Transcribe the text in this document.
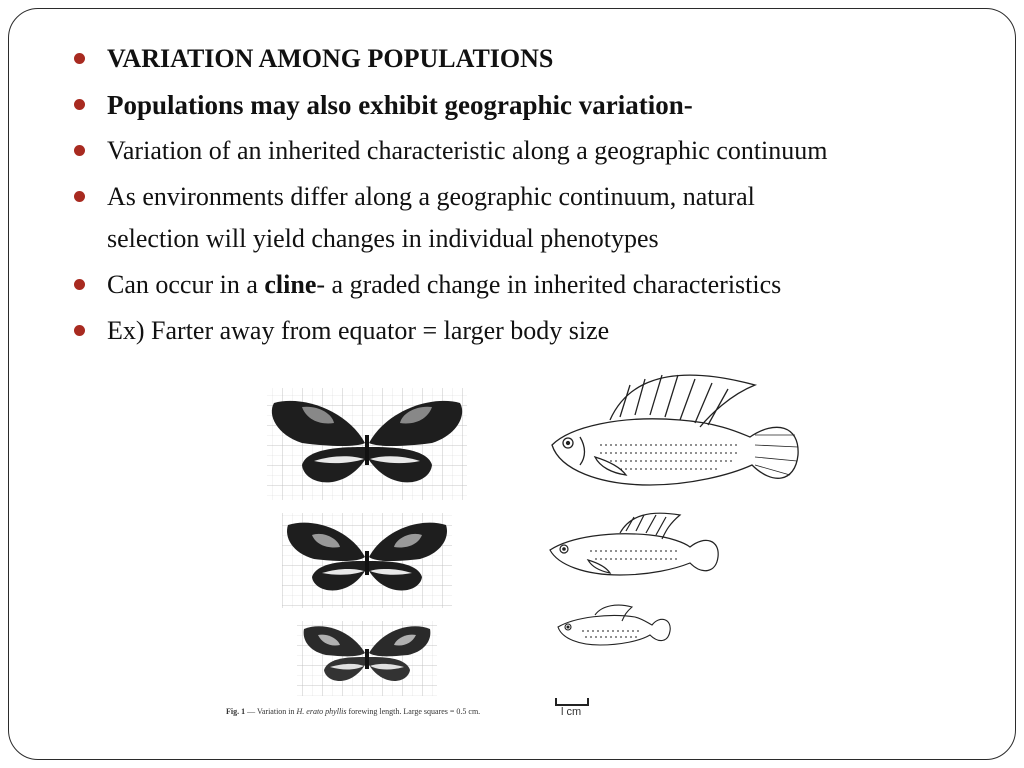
VARIATION AMONG POPULATIONS
Populations may also exhibit geographic variation-
Variation of an inherited characteristic along a geographic continuum
As environments differ along a geographic continuum, natural
selection will yield changes in individual phenotypes
Can occur in a cline- a graded change in inherited characteristics
Ex) Farter away from equator = larger body size
l cm
Fig. 1 — Variation in H. erato phyllis forewing length. Large squares = 0.5 cm.
